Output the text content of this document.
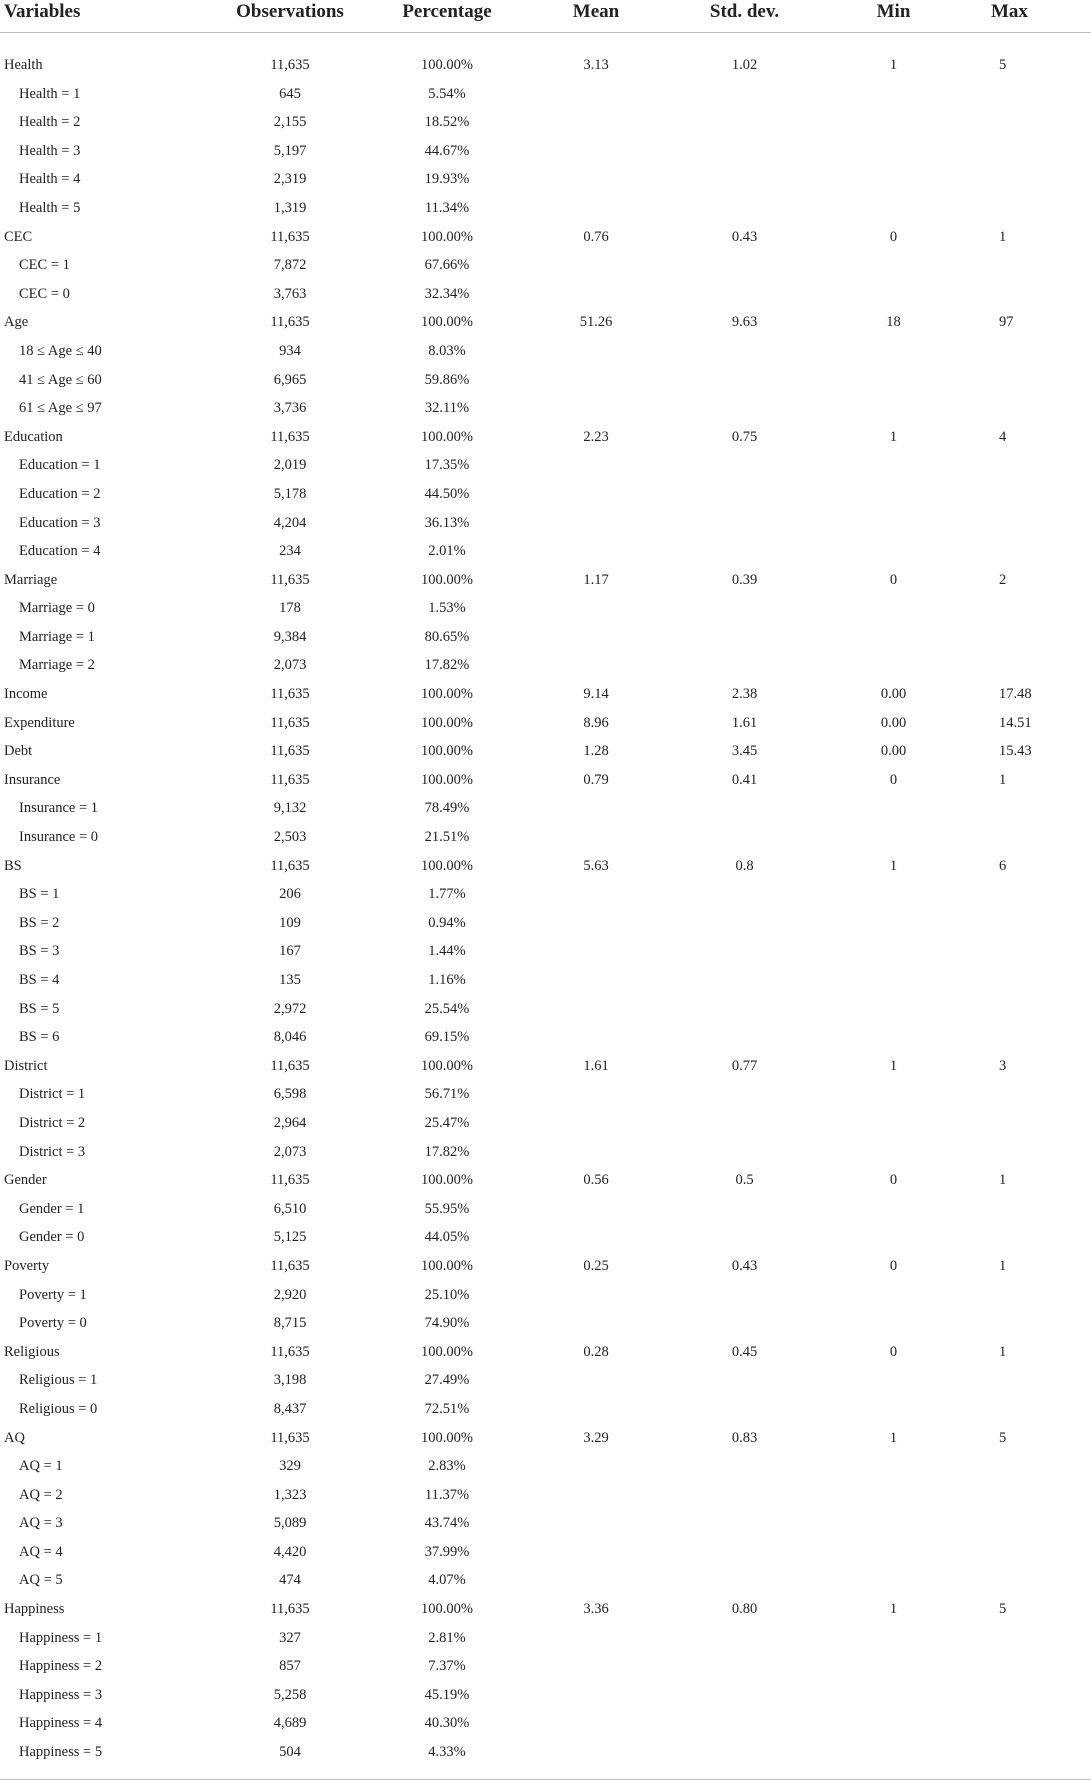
Variables	Observations	Percentage	Mean	Std. dev.	Min	Max
Health	11,635	100.00%	3.13	1.02	1	5
Health = 1	645	5.54%				
Health = 2	2,155	18.52%				
Health = 3	5,197	44.67%				
Health = 4	2,319	19.93%				
Health = 5	1,319	11.34%				
CEC	11,635	100.00%	0.76	0.43	0	1
CEC = 1	7,872	67.66%				
CEC = 0	3,763	32.34%				
Age	11,635	100.00%	51.26	9.63	18	97
18 ≤ Age ≤ 40	934	8.03%				
41 ≤ Age ≤ 60	6,965	59.86%				
61 ≤ Age ≤ 97	3,736	32.11%				
Education	11,635	100.00%	2.23	0.75	1	4
Education = 1	2,019	17.35%				
Education = 2	5,178	44.50%				
Education = 3	4,204	36.13%				
Education = 4	234	2.01%				
Marriage	11,635	100.00%	1.17	0.39	0	2
Marriage = 0	178	1.53%				
Marriage = 1	9,384	80.65%				
Marriage = 2	2,073	17.82%				
Income	11,635	100.00%	9.14	2.38	0.00	17.48
Expenditure	11,635	100.00%	8.96	1.61	0.00	14.51
Debt	11,635	100.00%	1.28	3.45	0.00	15.43
Insurance	11,635	100.00%	0.79	0.41	0	1
Insurance = 1	9,132	78.49%				
Insurance = 0	2,503	21.51%				
BS	11,635	100.00%	5.63	0.8	1	6
BS = 1	206	1.77%				
BS = 2	109	0.94%				
BS = 3	167	1.44%				
BS = 4	135	1.16%				
BS = 5	2,972	25.54%				
BS = 6	8,046	69.15%				
District	11,635	100.00%	1.61	0.77	1	3
District = 1	6,598	56.71%				
District = 2	2,964	25.47%				
District = 3	2,073	17.82%				
Gender	11,635	100.00%	0.56	0.5	0	1
Gender = 1	6,510	55.95%				
Gender = 0	5,125	44.05%				
Poverty	11,635	100.00%	0.25	0.43	0	1
Poverty = 1	2,920	25.10%				
Poverty = 0	8,715	74.90%				
Religious	11,635	100.00%	0.28	0.45	0	1
Religious = 1	3,198	27.49%				
Religious = 0	8,437	72.51%				
AQ	11,635	100.00%	3.29	0.83	1	5
AQ = 1	329	2.83%				
AQ = 2	1,323	11.37%				
AQ = 3	5,089	43.74%				
AQ = 4	4,420	37.99%				
AQ = 5	474	4.07%				
Happiness	11,635	100.00%	3.36	0.80	1	5
Happiness = 1	327	2.81%				
Happiness = 2	857	7.37%				
Happiness = 3	5,258	45.19%				
Happiness = 4	4,689	40.30%				
Happiness = 5	504	4.33%				
